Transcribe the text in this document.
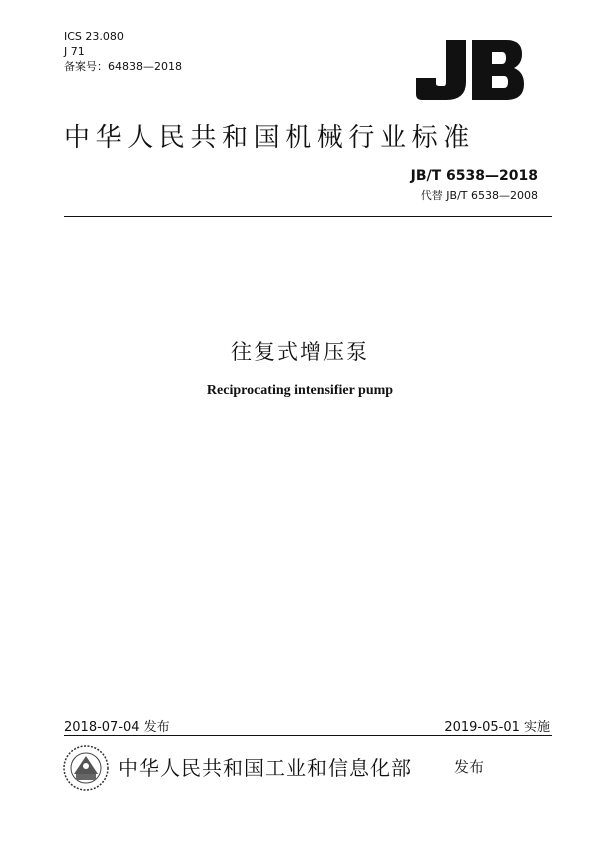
ICS 23.080
J 71
备案号：64838—2018
中华人民共和国机械行业标准
JB/T 6538—2018
代替 JB/T 6538—2008
往复式增压泵
Reciprocating intensifier pump
2018-07-04 发布	2019-05-01 实施
中华人民共和国工业和信息化部	发布
